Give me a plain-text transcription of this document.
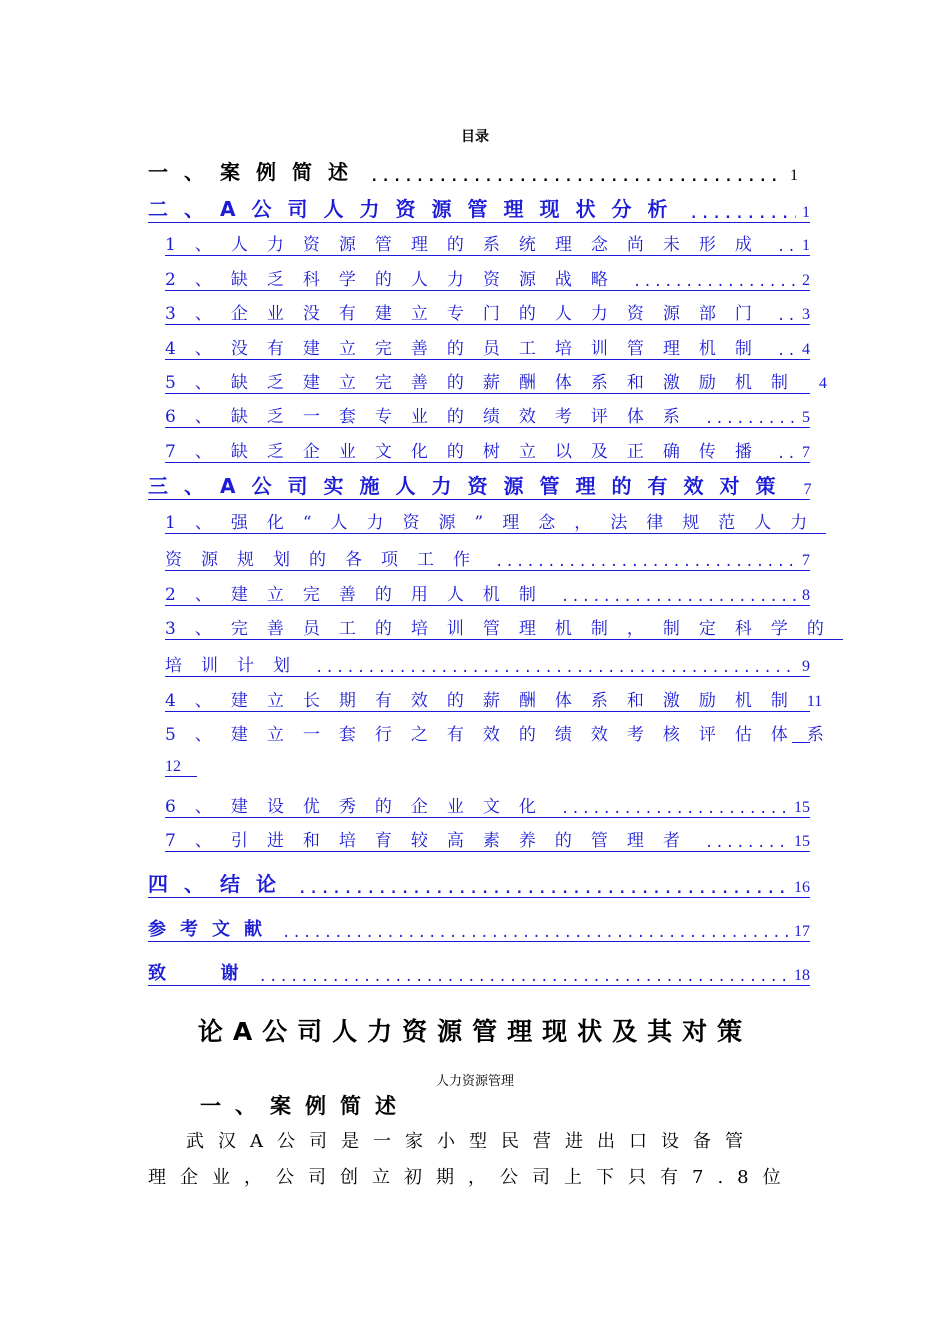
目录
一、案例简述 .....	1
二、A公司人力资源管理现状分析 .....	1
1、人力资源管理的系统理念尚未形成 ..... 1
2、缺乏科学的人力资源战略 .....	2
3、企业没有建立专门的人力资源部门 ..... 3
4、没有建立完善的员工培训管理机制 ..... 4
5、缺乏建立完善的薪酬体系和激励机制 4
6、缺乏一套专业的绩效考评体系 .....	5
7、缺乏企业文化的树立以及正确传播 ..... 7
三、A公司实施人力资源管理的有效对策 7
1、强化“人力资源”理念，法律规范人力
资源规划的各项工作 .....	7
2、建立完善的用人机制 .....	8
3、完善员工的培训管理机制，制定科学的
培训计划 .....	9
4、建立长期有效的薪酬体系和激励机制 11
5、建立一套行之有效的绩效考核评估体系
12
6、建设优秀的企业文化 .....	15
7、引进和培育较高素养的管理者 .....	15
四、结论 .....	16
参考文献 .....	17
致  谢 .....	18
论A公司人力资源管理现状及其对策
人力资源管理
一、案例简述
武汉A公司是一家小型民营进出口设备管
理企业，公司创立初期，公司上下只有7.8位
